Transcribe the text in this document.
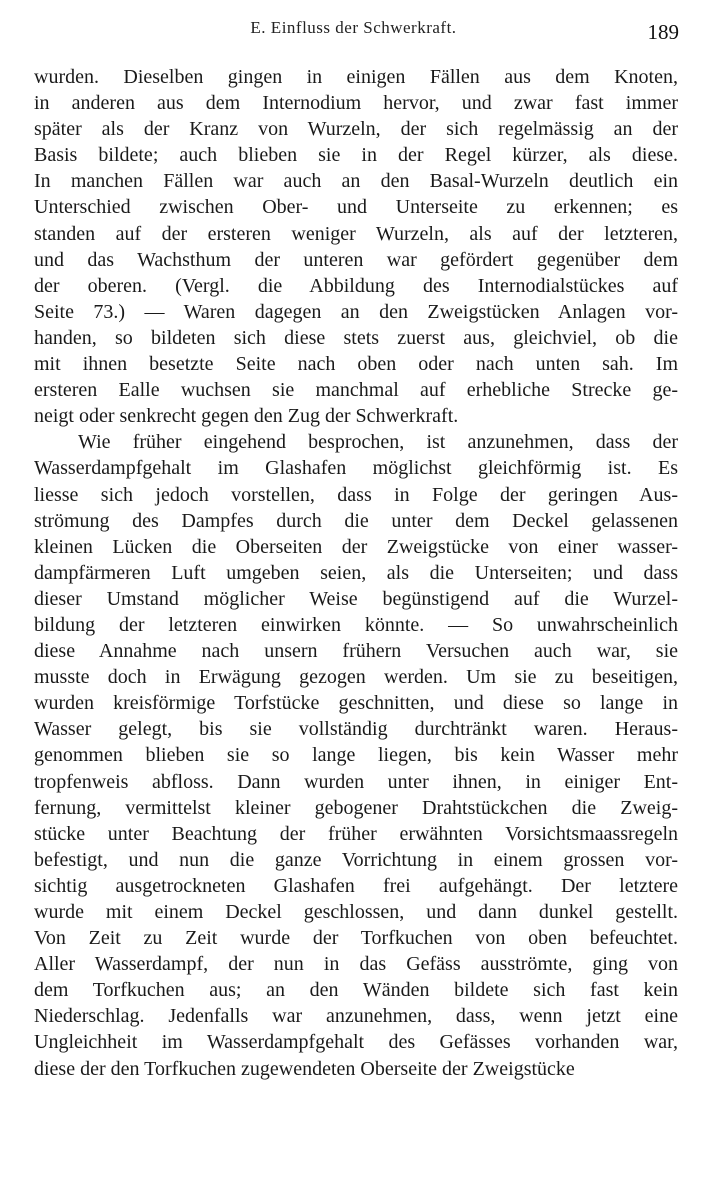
E. Einfluss der Schwerkraft.	189
wurden. Dieselben gingen in einigen Fällen aus dem Knoten,
in anderen aus dem Internodium hervor, und zwar fast immer
später als der Kranz von Wurzeln, der sich regelmässig an der
Basis bildete; auch blieben sie in der Regel kürzer, als diese.
In manchen Fällen war auch an den Basal-Wurzeln deutlich ein
Unterschied zwischen Ober- und Unterseite zu erkennen; es
standen auf der ersteren weniger Wurzeln, als auf der letzteren,
und das Wachsthum der unteren war gefördert gegenüber dem
der oberen. (Vergl. die Abbildung des Internodialstückes auf
Seite 73.) — Waren dagegen an den Zweigstücken Anlagen vor-
handen, so bildeten sich diese stets zuerst aus, gleichviel, ob die
mit ihnen besetzte Seite nach oben oder nach unten sah. Im
ersteren Ealle wuchsen sie manchmal auf erhebliche Strecke ge-
neigt oder senkrecht gegen den Zug der Schwerkraft.
Wie früher eingehend besprochen, ist anzunehmen, dass der
Wasserdampfgehalt im Glashafen möglichst gleichförmig ist. Es
liesse sich jedoch vorstellen, dass in Folge der geringen Aus-
strömung des Dampfes durch die unter dem Deckel gelassenen
kleinen Lücken die Oberseiten der Zweigstücke von einer wasser-
dampfärmeren Luft umgeben seien, als die Unterseiten; und dass
dieser Umstand möglicher Weise begünstigend auf die Wurzel-
bildung der letzteren einwirken könnte. — So unwahrscheinlich
diese Annahme nach unsern frühern Versuchen auch war, sie
musste doch in Erwägung gezogen werden. Um sie zu beseitigen,
wurden kreisförmige Torfstücke geschnitten, und diese so lange in
Wasser gelegt, bis sie vollständig durchtränkt waren. Heraus-
genommen blieben sie so lange liegen, bis kein Wasser mehr
tropfenweis abfloss. Dann wurden unter ihnen, in einiger Ent-
fernung, vermittelst kleiner gebogener Drahtstückchen die Zweig-
stücke unter Beachtung der früher erwähnten Vorsichtsmaassregeln
befestigt, und nun die ganze Vorrichtung in einem grossen vor-
sichtig ausgetrockneten Glashafen frei aufgehängt. Der letztere
wurde mit einem Deckel geschlossen, und dann dunkel gestellt.
Von Zeit zu Zeit wurde der Torfkuchen von oben befeuchtet.
Aller Wasserdampf, der nun in das Gefäss ausströmte, ging von
dem Torfkuchen aus; an den Wänden bildete sich fast kein
Niederschlag. Jedenfalls war anzunehmen, dass, wenn jetzt eine
Ungleichheit im Wasserdampfgehalt des Gefässes vorhanden war,
diese der den Torfkuchen zugewendeten Oberseite der Zweigstücke
